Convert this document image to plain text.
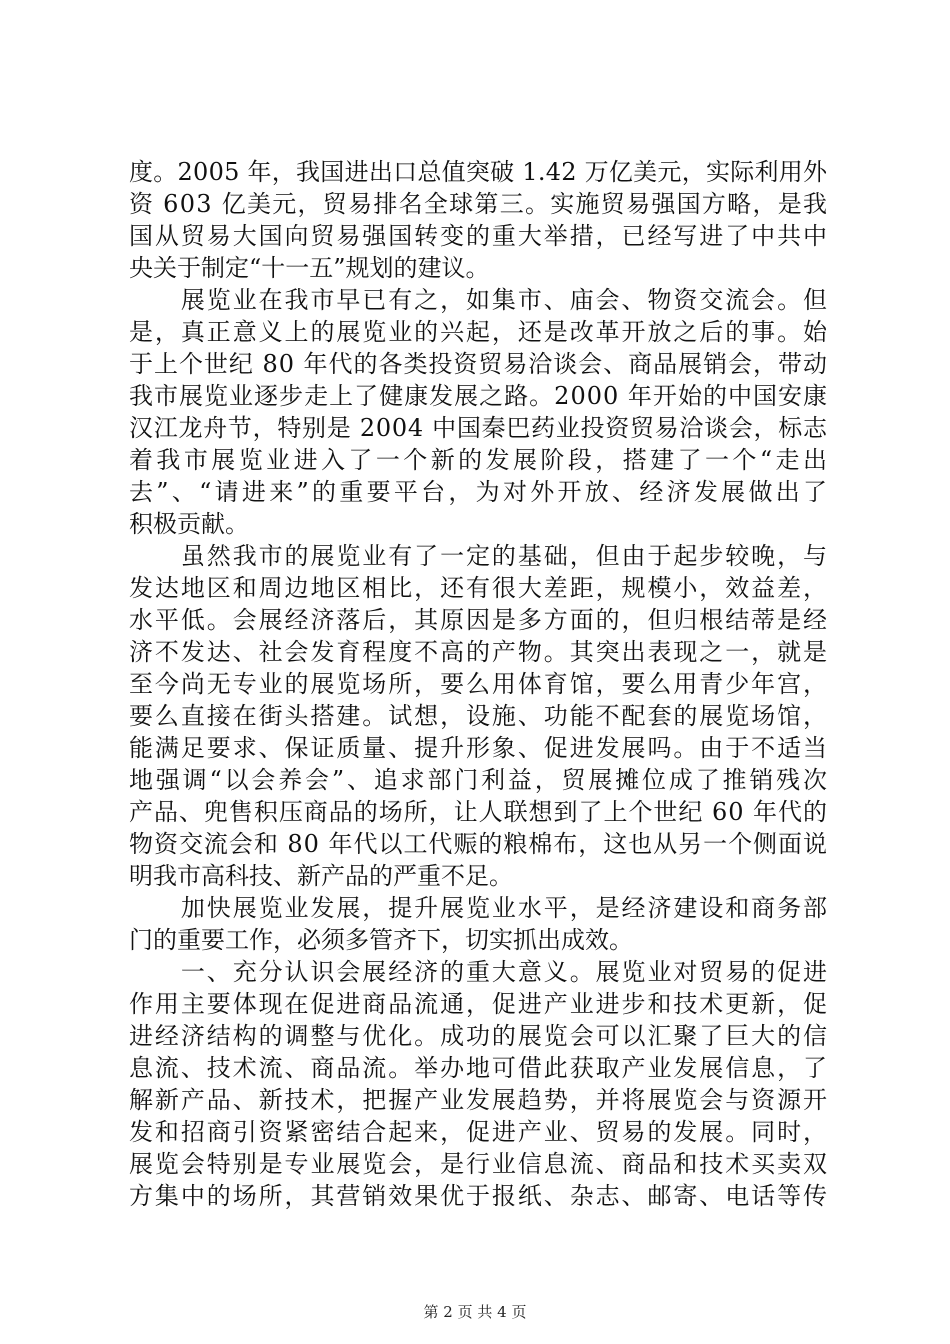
度。2005 年，我国进出口总值突破 1.42 万亿美元，实际利用外
资 603 亿美元，贸易排名全球第三。实施贸易强国方略，是我
国从贸易大国向贸易强国转变的重大举措，已经写进了中共中
央关于制定“十一五”规划的建议。
　　展览业在我市早已有之，如集市、庙会、物资交流会。但
是，真正意义上的展览业的兴起，还是改革开放之后的事。始
于上个世纪 80 年代的各类投资贸易洽谈会、商品展销会，带动
我市展览业逐步走上了健康发展之路。2000 年开始的中国安康
汉江龙舟节，特别是 2004 中国秦巴药业投资贸易洽谈会，标志
着我市展览业进入了一个新的发展阶段，搭建了一个“走出
去”、“请进来”的重要平台，为对外开放、经济发展做出了
积极贡献。
　　虽然我市的展览业有了一定的基础，但由于起步较晚，与
发达地区和周边地区相比，还有很大差距，规模小，效益差，
水平低。会展经济落后，其原因是多方面的，但归根结蒂是经
济不发达、社会发育程度不高的产物。其突出表现之一，就是
至今尚无专业的展览场所，要么用体育馆，要么用青少年宫，
要么直接在街头搭建。试想，设施、功能不配套的展览场馆，
能满足要求、保证质量、提升形象、促进发展吗。由于不适当
地强调“以会养会”、追求部门利益，贸展摊位成了推销残次
产品、兜售积压商品的场所，让人联想到了上个世纪 60 年代的
物资交流会和 80 年代以工代赈的粮棉布，这也从另一个侧面说
明我市高科技、新产品的严重不足。
　　加快展览业发展，提升展览业水平，是经济建设和商务部
门的重要工作，必须多管齐下，切实抓出成效。
　　一、充分认识会展经济的重大意义。展览业对贸易的促进
作用主要体现在促进商品流通，促进产业进步和技术更新，促
进经济结构的调整与优化。成功的展览会可以汇聚了巨大的信
息流、技术流、商品流。举办地可借此获取产业发展信息，了
解新产品、新技术，把握产业发展趋势，并将展览会与资源开
发和招商引资紧密结合起来，促进产业、贸易的发展。同时，
展览会特别是专业展览会，是行业信息流、商品和技术买卖双
方集中的场所，其营销效果优于报纸、杂志、邮寄、电话等传
第 2 页 共 4 页
